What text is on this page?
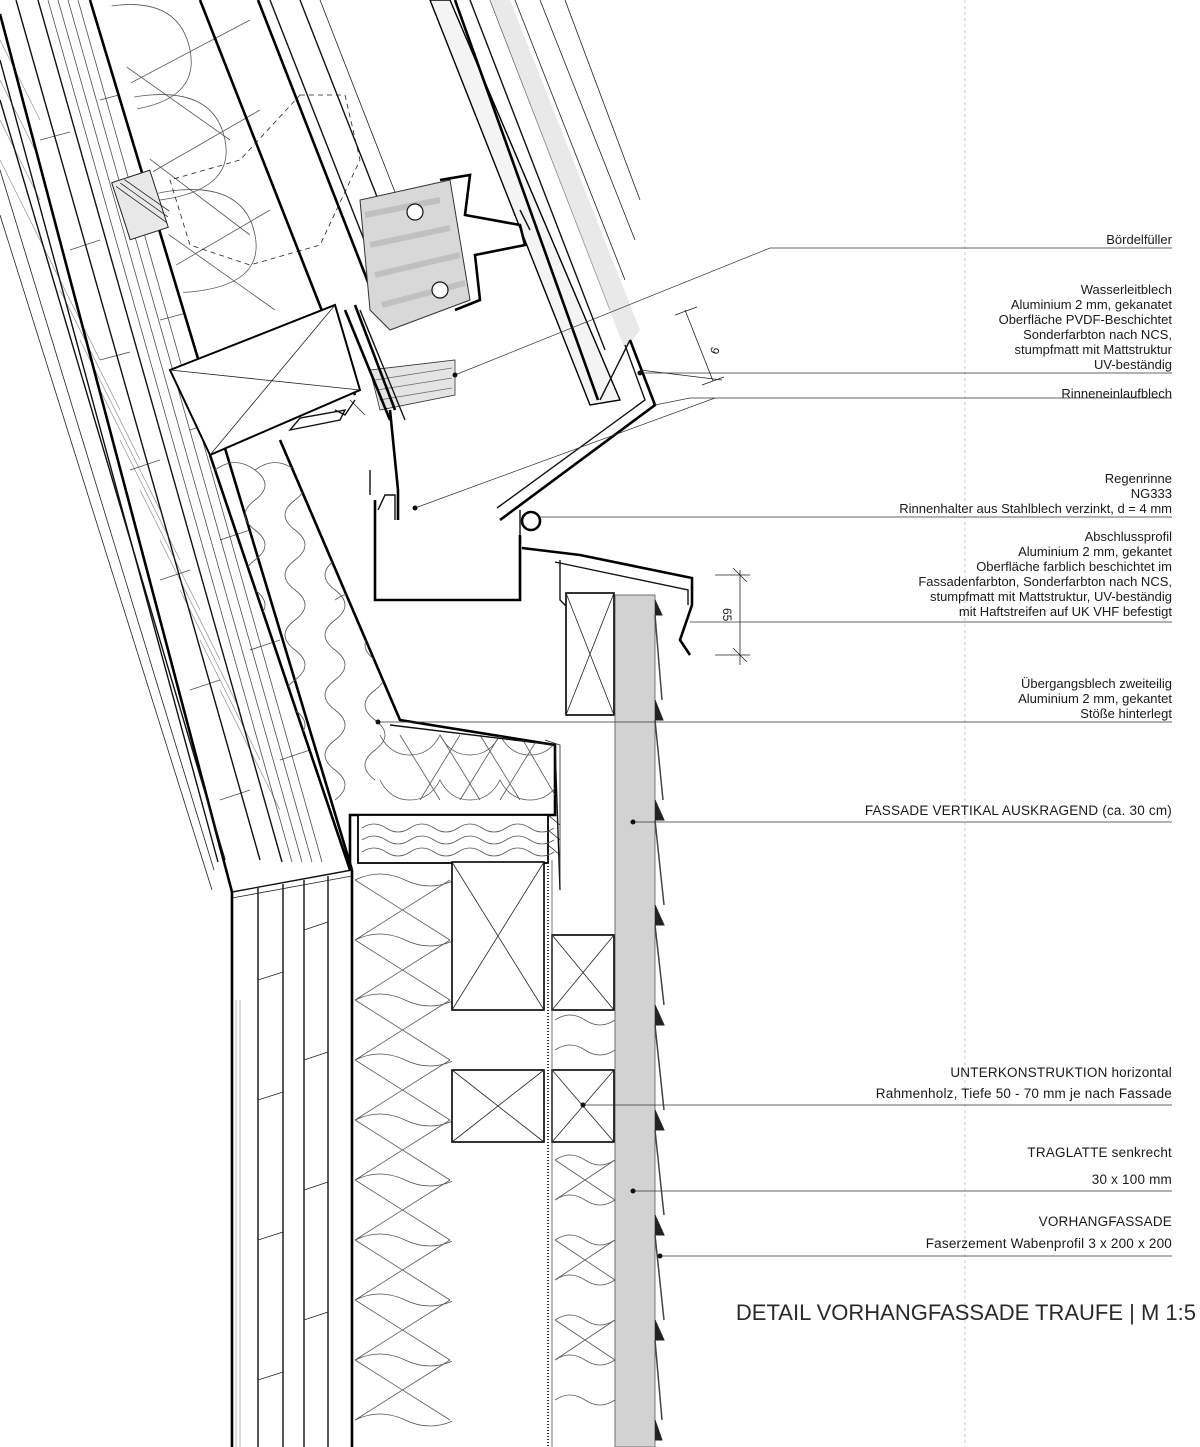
9
65
Bördelfüller
Wasserleitblech
Aluminium 2 mm, gekanatet
Oberfläche PVDF-Beschichtet
Sonderfarbton nach NCS,
stumpfmatt mit Mattstruktur
UV-beständig
Rinneneinlaufblech
Regenrinne
NG333
Rinnenhalter aus Stahlblech verzinkt, d = 4 mm
Abschlussprofil
Aluminium 2 mm, gekantet
Oberfläche farblich beschichtet im
Fassadenfarbton, Sonderfarbton nach NCS,
stumpfmatt mit Mattstruktur, UV-beständig
mit Haftstreifen auf UK VHF befestigt
Übergangsblech zweiteilig
Aluminium 2 mm, gekantet
Stöße hinterlegt
FASSADE VERTIKAL AUSKRAGEND (ca. 30 cm)
UNTERKONSTRUKTION horizontal
Rahmenholz, Tiefe 50 - 70 mm je nach Fassade
TRAGLATTE senkrecht
30 x 100 mm
VORHANGFASSADE
Faserzement Wabenprofil 3 x 200 x 200
DETAIL VORHANGFASSADE TRAUFE | M 1:5
